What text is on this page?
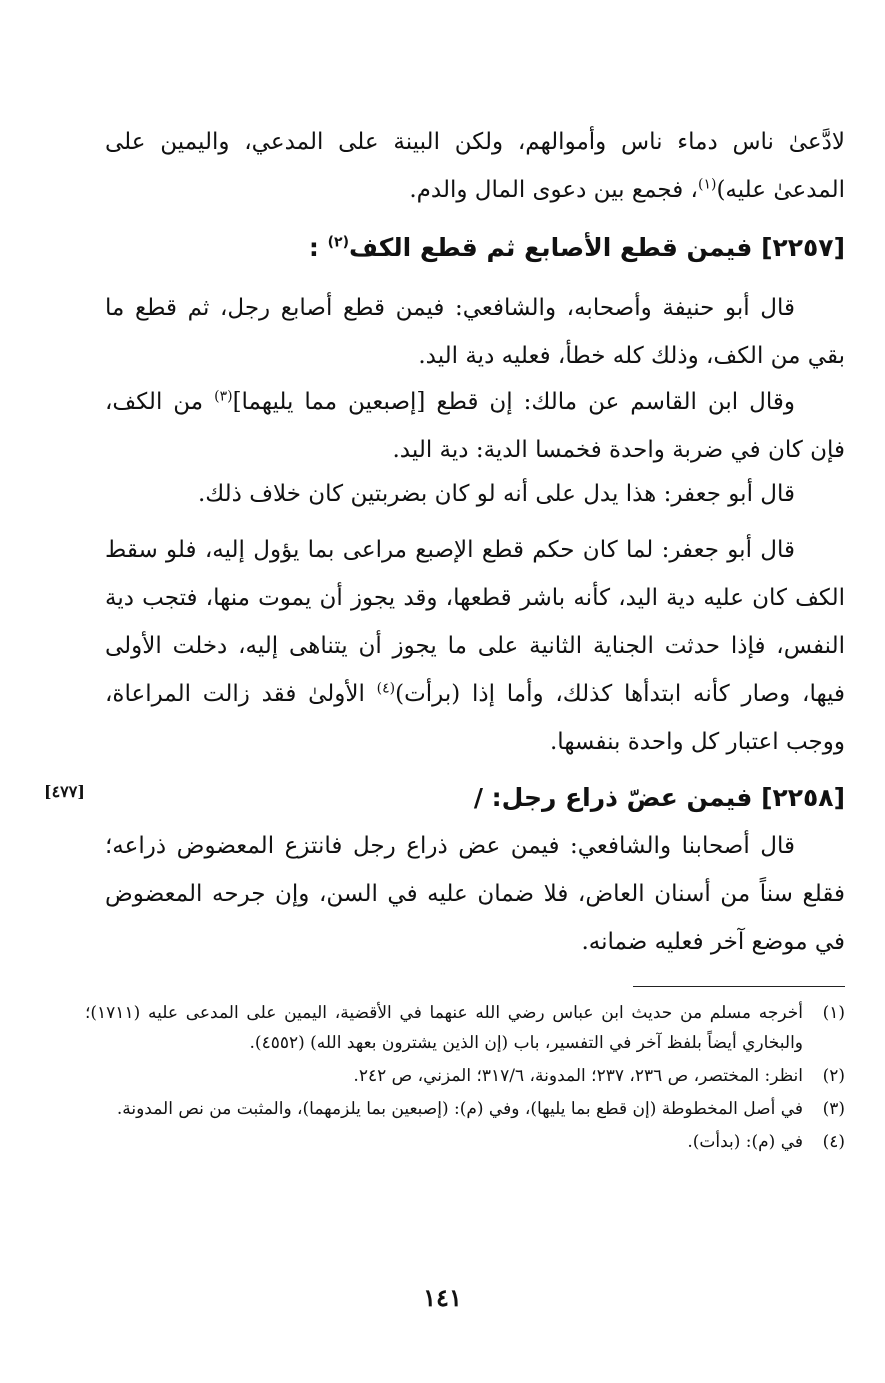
لادَّعىٰ ناس دماء ناس وأموالهم، ولكن البينة على المدعي، واليمين على المدعىٰ عليه)$^{(١)}$، فجمع بين دعوى المال والدم.

[٢٢٥٧] فيمن قطع الأصابع ثم قطع الكف$^{(٢)}$ :

قال أبو حنيفة وأصحابه، والشافعي: فيمن قطع أصابع رجل، ثم قطع ما بقي من الكف، وذلك كله خطأ، فعليه دية اليد.

وقال ابن القاسم عن مالك: إن قطع [إصبعين مما يليهما]$^{(٣)}$ من الكف، فإن كان في ضربة واحدة فخمسا الدية: دية اليد.

قال أبو جعفر: هذا يدل على أنه لو كان بضربتين كان خلاف ذلك.

قال أبو جعفر: لما كان حكم قطع الإصبع مراعى بما يؤول إليه، فلو سقط الكف كان عليه دية اليد، كأنه باشر قطعها، وقد يجوز أن يموت منها، فتجب دية النفس، فإذا حدثت الجناية الثانية على ما يجوز أن يتناهى إليه، دخلت الأولى فيها، وصار كأنه ابتدأها كذلك، وأما إذا (برأت)$^{(٤)}$ الأولىٰ فقد زالت المراعاة، ووجب اعتبار كل واحدة بنفسها.

[٢٢٥٨] فيمن عضّ ذراع رجل: /
[٤٧٧]

قال أصحابنا والشافعي: فيمن عض ذراع رجل فانتزع المعضوض ذراعه؛ فقلع سناً من أسنان العاض، فلا ضمان عليه في السن، وإن جرحه المعضوض في موضع آخر فعليه ضمانه.

(١)
أخرجه مسلم من حديث ابن عباس رضي الله عنهما في الأقضية، اليمين على المدعى عليه (١٧١١)؛ والبخاري أيضاً بلفظ آخر في التفسير، باب (إن الذين يشترون بعهد الله) (٤٥٥٢).
(٢)
انظر: المختصر، ص ٢٣٦، ٢٣٧؛ المدونة، ٣١٧/٦؛ المزني، ص ٢٤٢.
(٣)
في أصل المخطوطة (إن قطع بما يليها)، وفي (م): (إصبعين بما يلزمهما)، والمثبت من نص المدونة.
(٤)
في (م): (بدأت).
١٤١
